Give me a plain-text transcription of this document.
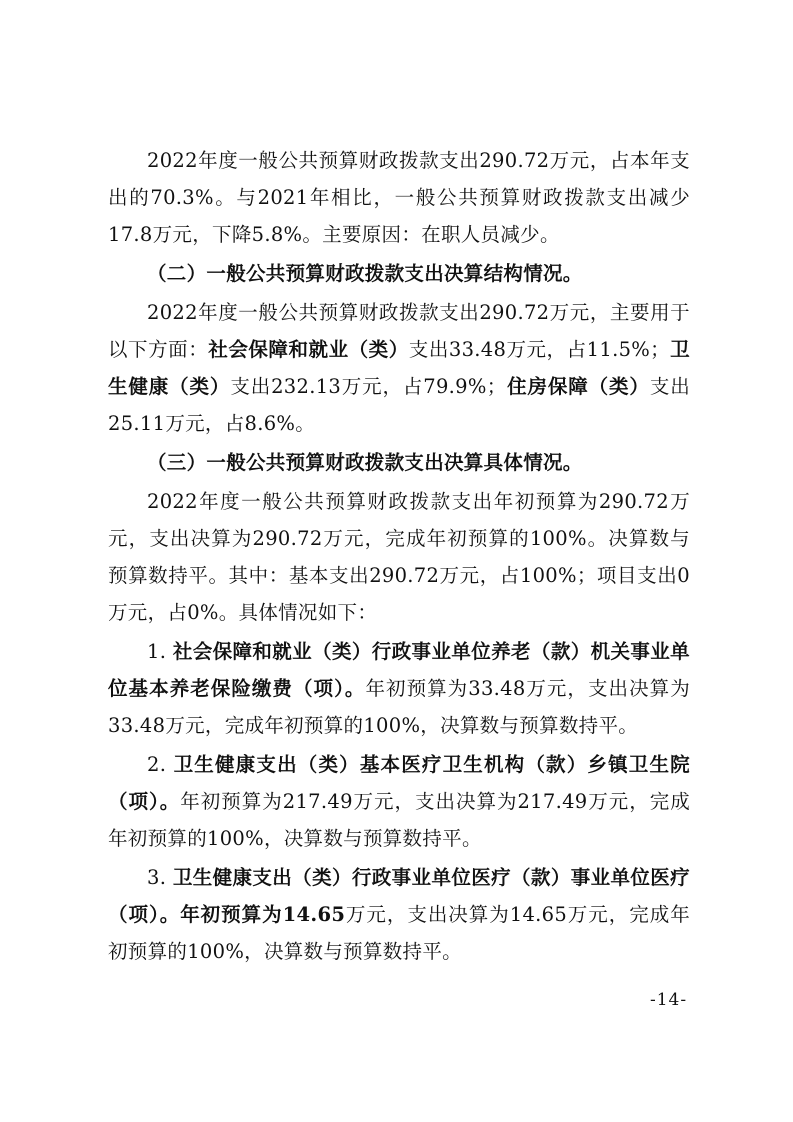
2022年度一般公共预算财政拨款支出290.72万元，占本年支出的70.3%。与2021年相比，一般公共预算财政拨款支出减少17.8万元，下降5.8%。主要原因：在职人员减少。

（二）一般公共预算财政拨款支出决算结构情况。

2022年度一般公共预算财政拨款支出290.72万元，主要用于以下方面：社会保障和就业（类）支出33.48万元，占11.5%；卫生健康（类）支出232.13万元，占79.9%；住房保障（类）支出25.11万元，占8.6%。

（三）一般公共预算财政拨款支出决算具体情况。

2022年度一般公共预算财政拨款支出年初预算为290.72万元，支出决算为290.72万元，完成年初预算的100%。决算数与预算数持平。其中：基本支出290.72万元，占100%；项目支出0万元，占0%。具体情况如下：

1. 社会保障和就业（类）行政事业单位养老（款）机关事业单位基本养老保险缴费（项）。年初预算为33.48万元，支出决算为33.48万元，完成年初预算的100%，决算数与预算数持平。

2. 卫生健康支出（类）基本医疗卫生机构（款）乡镇卫生院（项）。年初预算为217.49万元，支出决算为217.49万元，完成年初预算的100%，决算数与预算数持平。

3. 卫生健康支出（类）行政事业单位医疗（款）事业单位医疗（项）。年初预算为14.65万元，支出决算为14.65万元，完成年初预算的100%，决算数与预算数持平。

-14-
